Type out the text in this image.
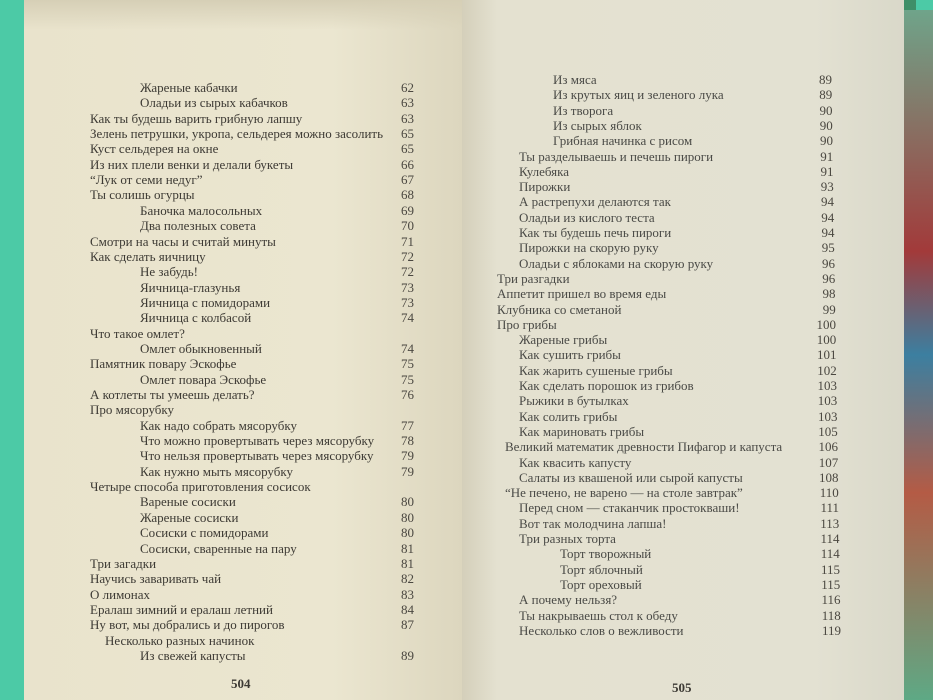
504
Жареные кабачки	62
Оладьи из сырых кабачков	63
Как ты будешь варить грибную лапшу	63
Зелень петрушки, укропа, сельдерея можно засолить	65
Куст сельдерея на окне	65
Из них плели венки и делали букеты	66
“Лук от семи недуг”	67
Ты солишь огурцы	68
Баночка малосольных	69
Два полезных совета	70
Смотри на часы и считай минуты	71
Как сделать яичницу	72
Не забудь!	72
Яичница-глазунья	73
Яичница с помидорами	73
Яичница с колбасой	74
Что такое омлет?
Омлет обыкновенный	74
Памятник повару Эскофье	75
Омлет повара Эскофье	75
А котлеты ты умеешь делать?	76
Про мясорубку
Как надо собрать мясорубку	77
Что можно провертывать через мясорубку	78
Что нельзя провертывать через мясорубку	79
Как нужно мыть мясорубку	79
Четыре способа приготовления сосисок
Вареные сосиски	80
Жареные сосиски	80
Сосиски с помидорами	80
Сосиски, сваренные на пару	81
Три загадки	81
Научись заваривать чай	82
О лимонах	83
Ералаш зимний и ералаш летний	84
Ну вот, мы добрались и до пирогов	87
Несколько разных начинок
Из свежей капусты	89
505
Из мяса	89
Из крутых яиц и зеленого лука	89
Из творога	90
Из сырых яблок	90
Грибная начинка с рисом	90
Ты разделываешь и печешь пироги	91
Кулебяка	91
Пирожки	93
А растрепухи делаются так	94
Оладьи из кислого теста	94
Как ты будешь печь пироги	94
Пирожки на скорую руку	95
Оладьи с яблоками на скорую руку	96
Три разгадки	96
Аппетит пришел во время еды	98
Клубника со сметаной	99
Про грибы	100
Жареные грибы	100
Как сушить грибы	101
Как жарить сушеные грибы	102
Как сделать порошок из грибов	103
Рыжики в бутылках	103
Как солить грибы	103
Как мариновать грибы	105
Великий математик древности Пифагор и капуста	106
Как квасить капусту	107
Салаты из квашеной или сырой капусты	108
“Не печено, не варено — на столе завтрак”	110
Перед сном — стаканчик простокваши!	111
Вот так молодчина лапша!	113
Три разных торта	114
Торт творожный	114
Торт яблочный	115
Торт ореховый	115
А почему нельзя?	116
Ты накрываешь стол к обеду	118
Несколько слов о вежливости	119
